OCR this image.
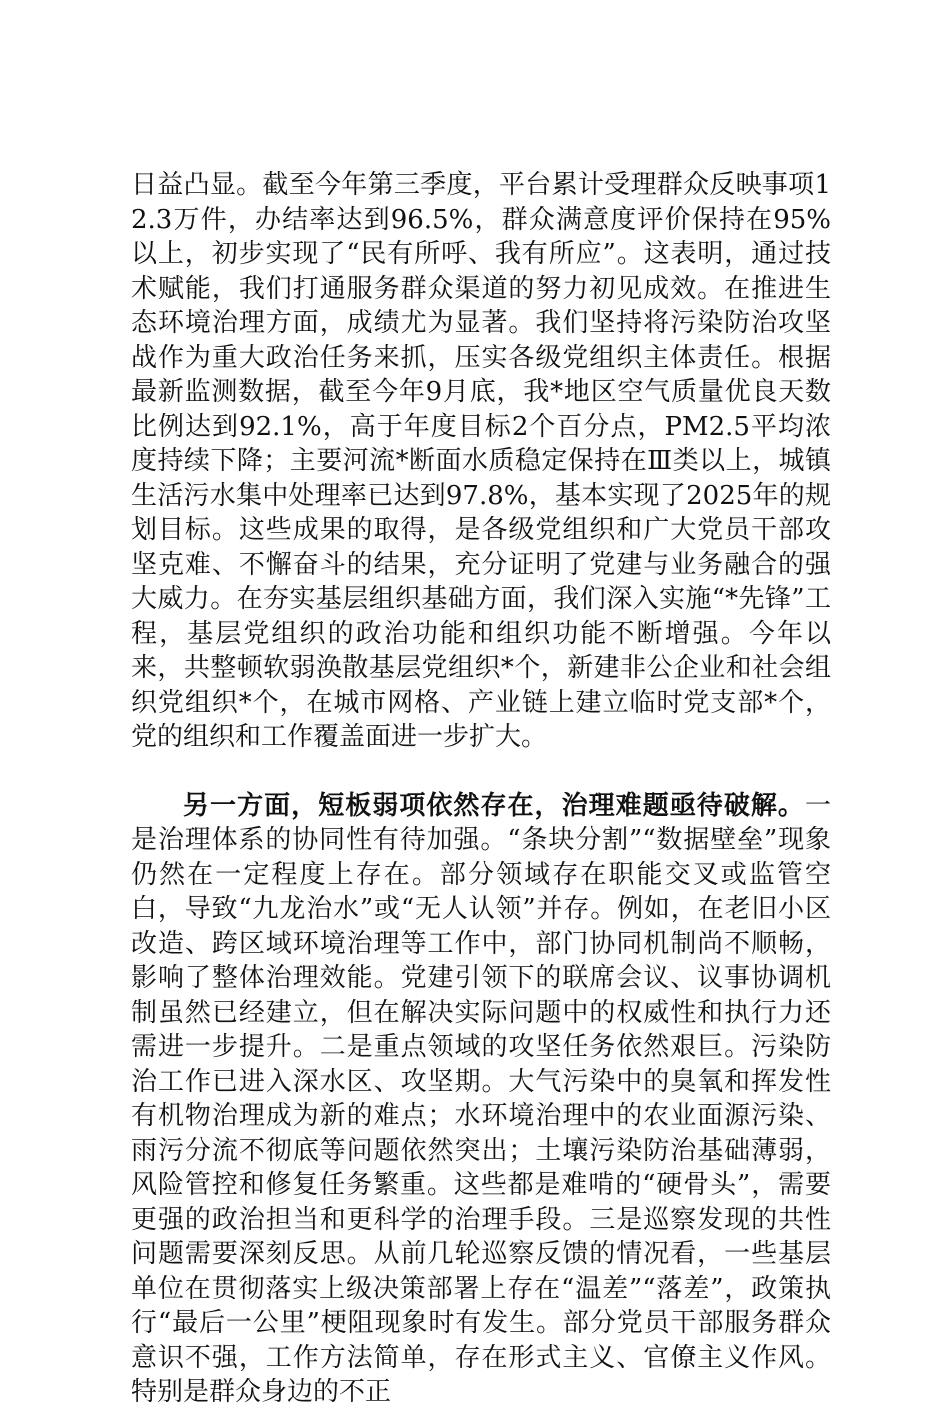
日益凸显。截至今年第三季度，平台累计受理群众反映事项12.3万件，办结率达到96.5%，群众满意度评价保持在95%以上，初步实现了“民有所呼、我有所应”。这表明，通过技术赋能，我们打通服务群众渠道的努力初见成效。在推进生态环境治理方面，成绩尤为显著。我们坚持将污染防治攻坚战作为重大政治任务来抓，压实各级党组织主体责任。根据最新监测数据，截至今年9月底，我*地区空气质量优良天数比例达到92.1%，高于年度目标2个百分点，PM2.5平均浓度持续下降；主要河流*断面水质稳定保持在Ⅲ类以上，城镇生活污水集中处理率已达到97.8%，基本实现了2025年的规划目标。这些成果的取得，是各级党组织和广大党员干部攻坚克难、不懈奋斗的结果，充分证明了党建与业务融合的强大威力。在夯实基层组织基础方面，我们深入实施“*先锋”工程，基层党组织的政治功能和组织功能不断增强。今年以来，共整顿软弱涣散基层党组织*个，新建非公企业和社会组织党组织*个，在城市网格、产业链上建立临时党支部*个，党的组织和工作覆盖面进一步扩大。

另一方面，短板弱项依然存在，治理难题亟待破解。一是治理体系的协同性有待加强。“条块分割”“数据壁垒”现象仍然在一定程度上存在。部分领域存在职能交叉或监管空白，导致“九龙治水”或“无人认领”并存。例如，在老旧小区改造、跨区域环境治理等工作中，部门协同机制尚不顺畅，影响了整体治理效能。党建引领下的联席会议、议事协调机制虽然已经建立，但在解决实际问题中的权威性和执行力还需进一步提升。二是重点领域的攻坚任务依然艰巨。污染防治工作已进入深水区、攻坚期。大气污染中的臭氧和挥发性有机物治理成为新的难点；水环境治理中的农业面源污染、雨污分流不彻底等问题依然突出；土壤污染防治基础薄弱，风险管控和修复任务繁重。这些都是难啃的“硬骨头”，需要更强的政治担当和更科学的治理手段。三是巡察发现的共性问题需要深刻反思。从前几轮巡察反馈的情况看，一些基层单位在贯彻落实上级决策部署上存在“温差”“落差”，政策执行“最后一公里”梗阻现象时有发生。部分党员干部服务群众意识不强，工作方法简单，存在形式主义、官僚主义作风。特别是群众身边的不正
